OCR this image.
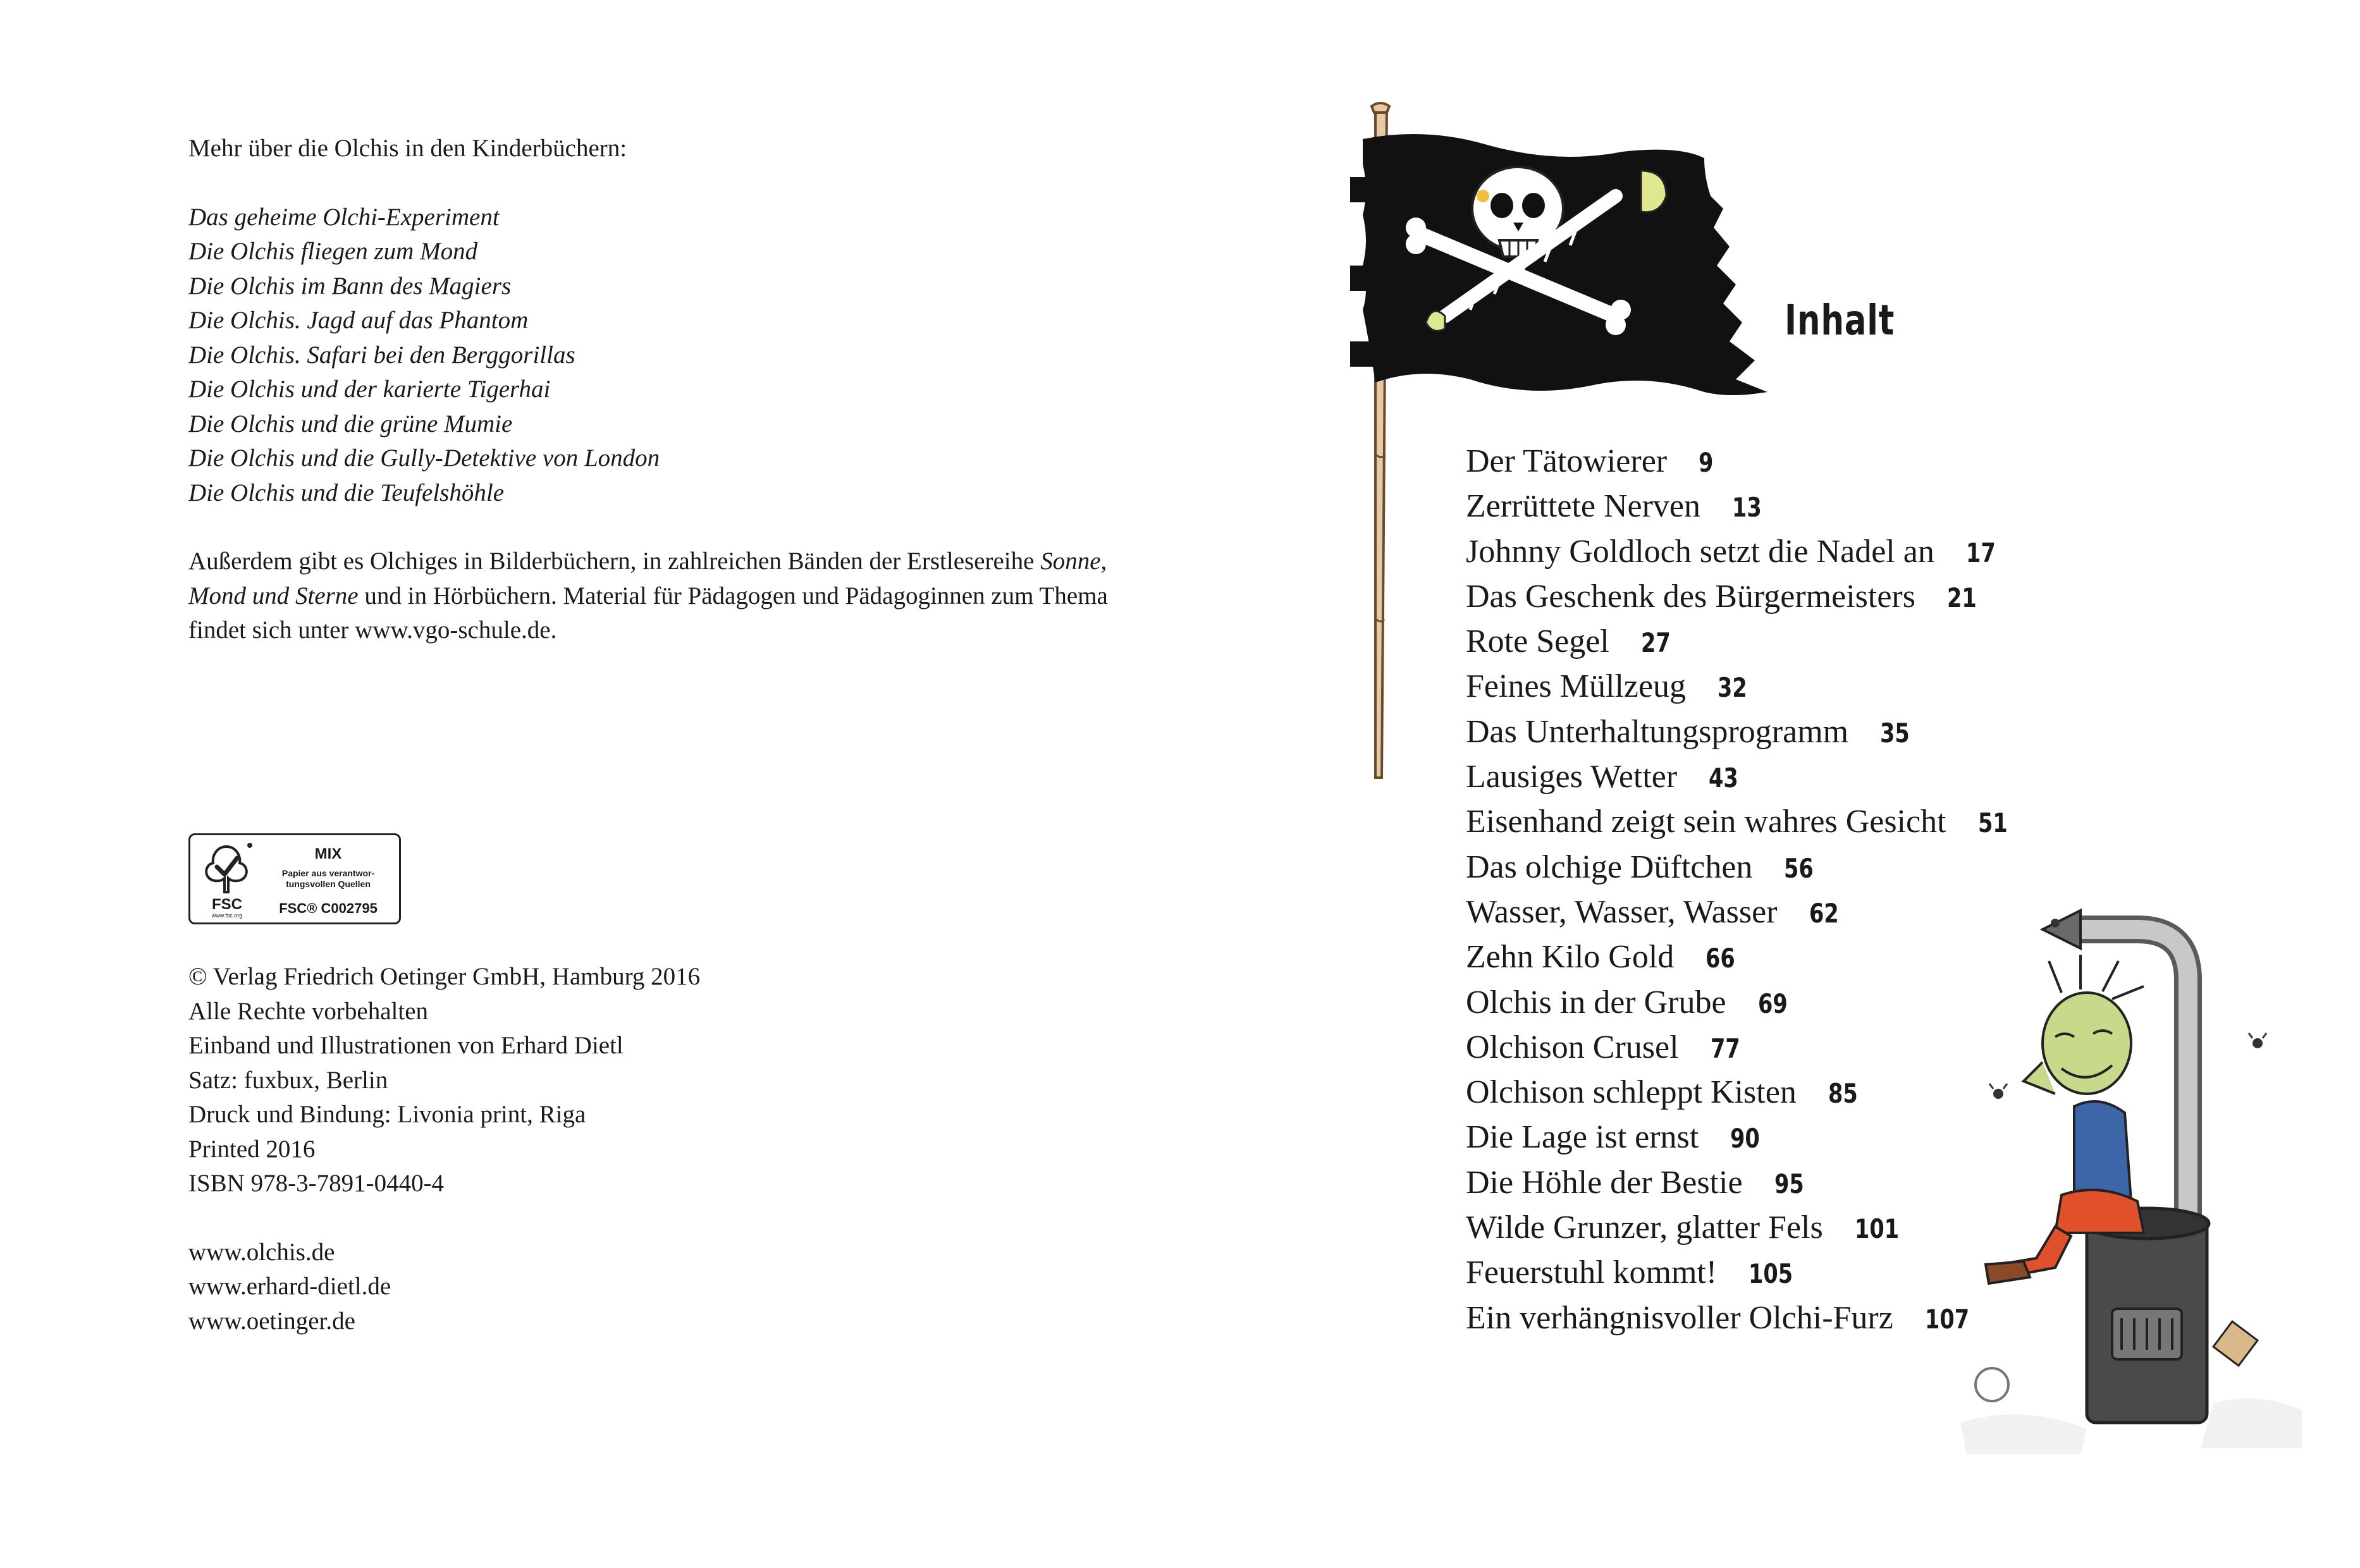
Mehr über die Olchis in den Kinderbüchern:

Das geheime Olchi-Experiment
Die Olchis fliegen zum Mond
Die Olchis im Bann des Magiers
Die Olchis. Jagd auf das Phantom
Die Olchis. Safari bei den Berggorillas
Die Olchis und der karierte Tigerhai
Die Olchis und die grüne Mumie
Die Olchis und die Gully-Detektive von London
Die Olchis und die Teufelshöhle

Außerdem gibt es Olchiges in Bilderbüchern, in zahlreichen Bänden der Erstlesereihe Sonne, Mond und Sterne und in Hörbüchern. Material für Pädagogen und Pädagoginnen zum Thema findet sich unter www.vgo-schule.de.

FSC
www.fsc.org
MIX
Papier aus verantwor-tungsvollen Quellen
FSC® C002795
© Verlag Friedrich Oetinger GmbH, Hamburg 2016
Alle Rechte vorbehalten
Einband und Illustrationen von Erhard Dietl
Satz: fuxbux, Berlin
Druck und Bindung: Livonia print, Riga
Printed 2016
ISBN 978-3-7891-0440-4
www.olchis.de
www.erhard-dietl.de
www.oetinger.de
Inhalt
Der Tätowierer 9
Zerrüttete Nerven 13
Johnny Goldloch setzt die Nadel an 17
Das Geschenk des Bürgermeisters 21
Rote Segel 27
Feines Müllzeug 32
Das Unterhaltungsprogramm 35
Lausiges Wetter 43
Eisenhand zeigt sein wahres Gesicht 51
Das olchige Düftchen 56
Wasser, Wasser, Wasser 62
Zehn Kilo Gold 66
Olchis in der Grube 69
Olchison Crusel 77
Olchison schleppt Kisten 85
Die Lage ist ernst 90
Die Höhle der Bestie 95
Wilde Grunzer, glatter Fels 101
Feuerstuhl kommt! 105
Ein verhängnisvoller Olchi-Furz 107
